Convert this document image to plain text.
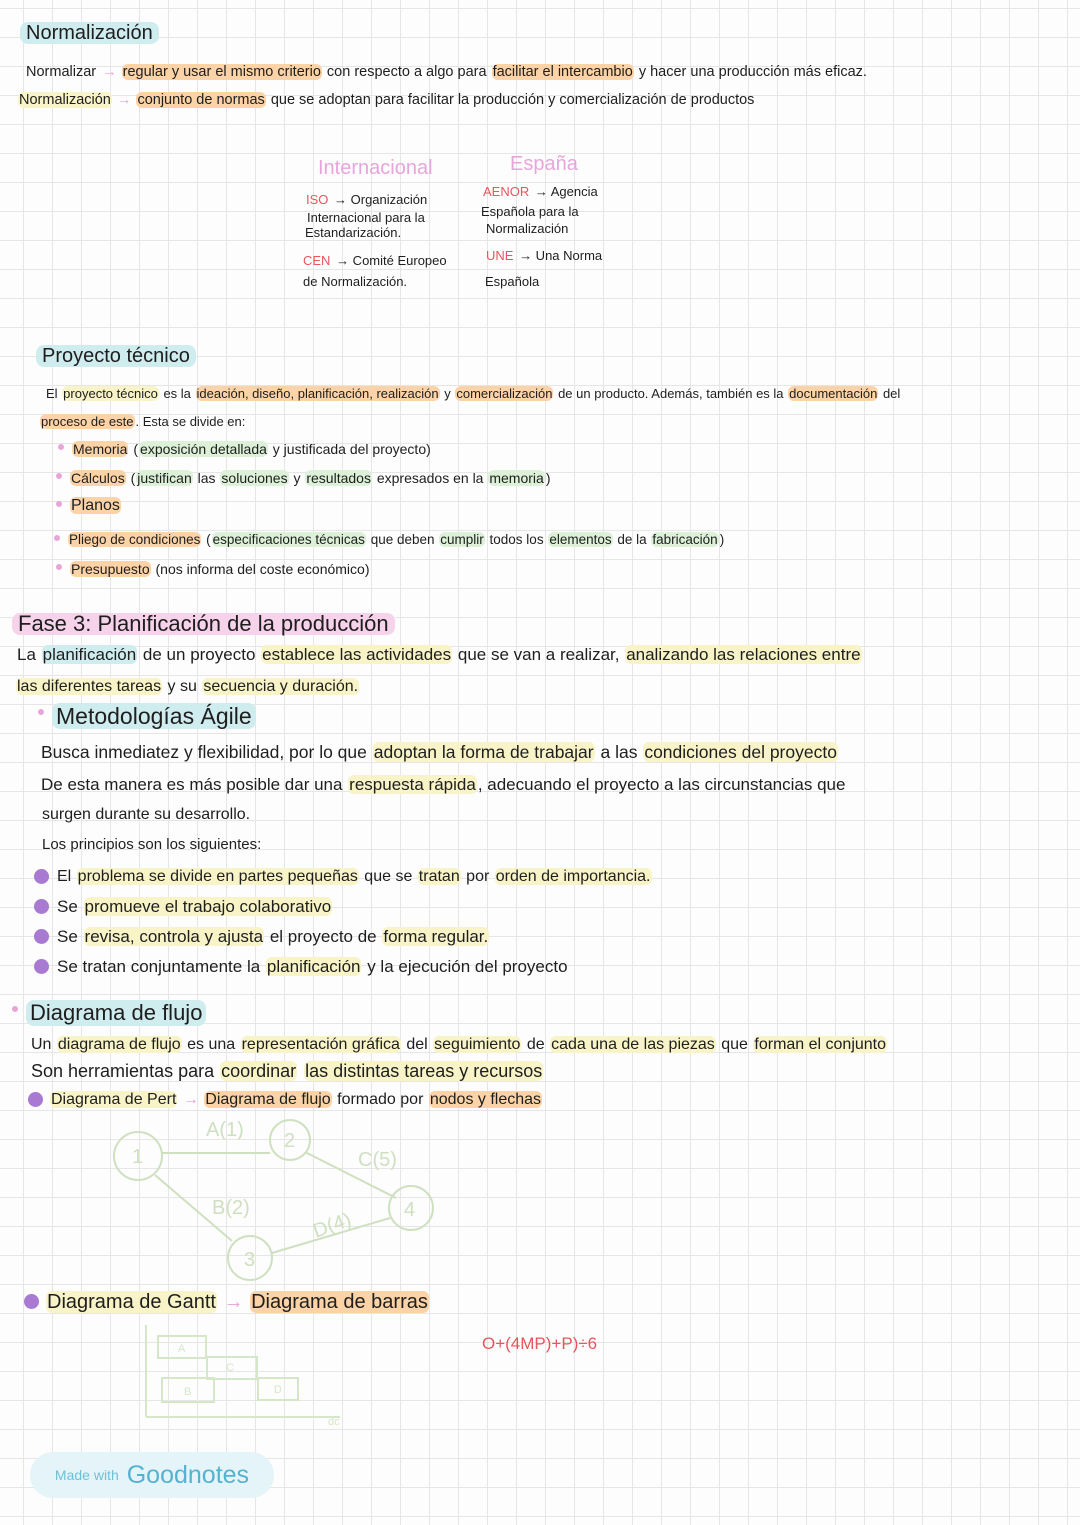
Normalización
Normalizar → regular y usar el mismo criterio con respecto a algo para facilitar el intercambio y hacer una producción más eficaz.
Normalización → conjunto de normas que se adoptan para facilitar la producción y comercialización de productos
Internacional
ISO → Organización
Internacional para la
Estandarización.
CEN → Comité Europeo
de Normalización.
España
AENOR → Agencia
Española para la
Normalización
UNE → Una Norma
Española
Proyecto técnico
El proyecto técnico es la ideación, diseño, planificación, realización y comercialización de un producto. Además, también es la documentación del
proceso de este . Esta se divide en:
Memoria ( exposición detallada y justificada del proyecto)
Cálculos ( justifican las soluciones y resultados expresados en la memoria )
Planos
Pliego de condiciones ( especificaciones técnicas que deben cumplir todos los elementos de la fabricación )
Presupuesto (nos informa del coste económico)
Fase 3: Planificación de la producción
La planificación de un proyecto establece las actividades que se van a realizar, analizando las relaciones entre
las diferentes tareas y su secuencia y duración.
Metodologías Ágile
Busca inmediatez y flexibilidad, por lo que adoptan la forma de trabajar a las condiciones del proyecto
De esta manera es más posible dar una respuesta rápida , adecuando el proyecto a las circunstancias que
surgen durante su desarrollo.
Los principios son los siguientes:
El problema se divide en partes pequeñas que se tratan por orden de importancia.
Se promueve el trabajo colaborativo
Se revisa, controla y ajusta el proyecto de forma regular.
Se tratan conjuntamente la planificación y la ejecución del proyecto
Diagrama de flujo
Un diagrama de flujo es una representación gráfica del seguimiento de cada una de las piezas que forman el conjunto
Son herramientas para coordinar las distintas tareas y recursos
Diagrama de Pert → Diagrama de flujo formado por nodos y flechas
1
2
3
4
A(1)
B(2)
C(5)
D(4)
Diagrama de Gantt → Diagrama de barras
A
C
B	D
dc
O+(4MP)+P)÷6
Made with Goodnotes
